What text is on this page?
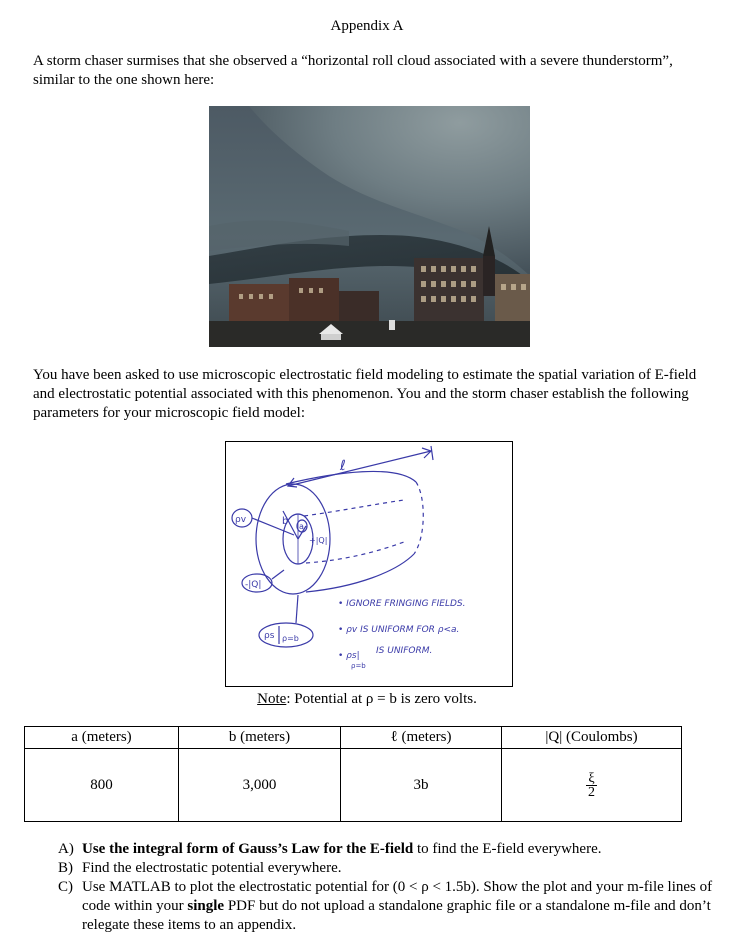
Appendix A
A storm chaser surmises that she observed a “horizontal roll cloud associated with a severe thunderstorm”, similar to the one shown here:
You have been asked to use microscopic electrostatic field modeling to estimate the spatial variation of E-field and electrostatic potential associated with this phenomenon. You and the storm chaser establish the following parameters for your microscopic field model:
ℓ
b a
+|Q|
ρv
-|Q|
ρs ρ=b
• IGNORE FRINGING FIELDS.
• ρv IS UNIFORM FOR ρ<a.
• ρs| IS UNIFORM.
ρ=b
Note: Potential at ρ = b is zero volts.
a (meters)	b (meters)	ℓ (meters)	|Q| (Coulombs)
800	3,000	3b	$\frac{\xi}{2}$
A) Use the integral form of Gauss’s Law for the E-field to find the E-field everywhere.
B) Find the electrostatic potential everywhere.
C) Use MATLAB to plot the electrostatic potential for (0 < ρ < 1.5b). Show the plot and your m-file lines of code within your single PDF but do not upload a standalone graphic file or a standalone m-file and don’t relegate these items to an appendix.
